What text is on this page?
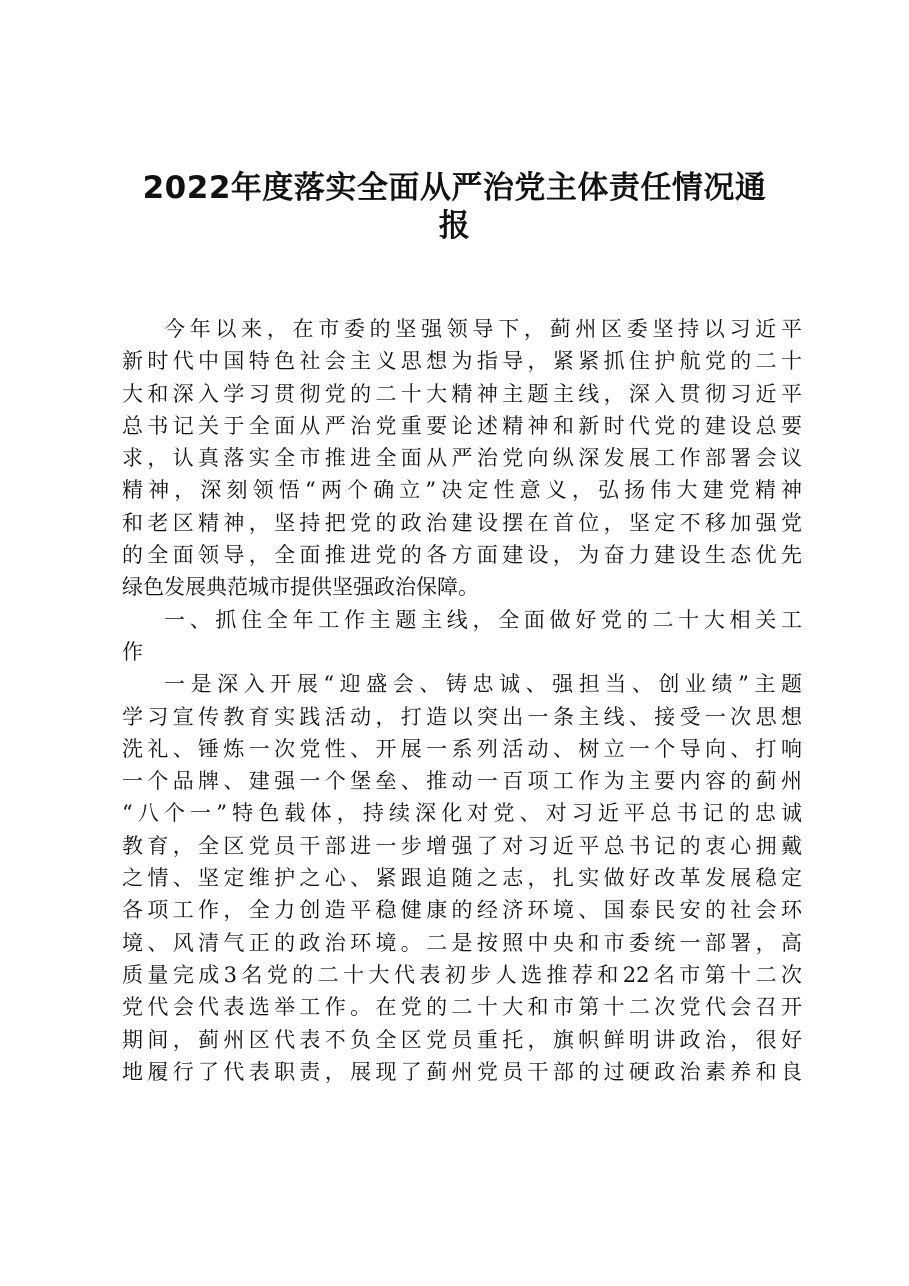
2022年度落实全面从严治党主体责任情况通
报
今年以来，在市委的坚强领导下，蓟州区委坚持以习近平
新时代中国特色社会主义思想为指导，紧紧抓住护航党的二十
大和深入学习贯彻党的二十大精神主题主线，深入贯彻习近平
总书记关于全面从严治党重要论述精神和新时代党的建设总要
求，认真落实全市推进全面从严治党向纵深发展工作部署会议
精神，深刻领悟“两个确立”决定性意义，弘扬伟大建党精神
和老区精神，坚持把党的政治建设摆在首位，坚定不移加强党
的全面领导，全面推进党的各方面建设，为奋力建设生态优先
绿色发展典范城市提供坚强政治保障。
一、抓住全年工作主题主线，全面做好党的二十大相关工
作
一是深入开展“迎盛会、铸忠诚、强担当、创业绩”主题
学习宣传教育实践活动，打造以突出一条主线、接受一次思想
洗礼、锤炼一次党性、开展一系列活动、树立一个导向、打响
一个品牌、建强一个堡垒、推动一百项工作为主要内容的蓟州
“八个一”特色载体，持续深化对党、对习近平总书记的忠诚
教育，全区党员干部进一步增强了对习近平总书记的衷心拥戴
之情、坚定维护之心、紧跟追随之志，扎实做好改革发展稳定
各项工作，全力创造平稳健康的经济环境、国泰民安的社会环
境、风清气正的政治环境。二是按照中央和市委统一部署，高
质量完成3名党的二十大代表初步人选推荐和22名市第十二次
党代会代表选举工作。在党的二十大和市第十二次党代会召开
期间，蓟州区代表不负全区党员重托，旗帜鲜明讲政治，很好
地履行了代表职责，展现了蓟州党员干部的过硬政治素养和良
